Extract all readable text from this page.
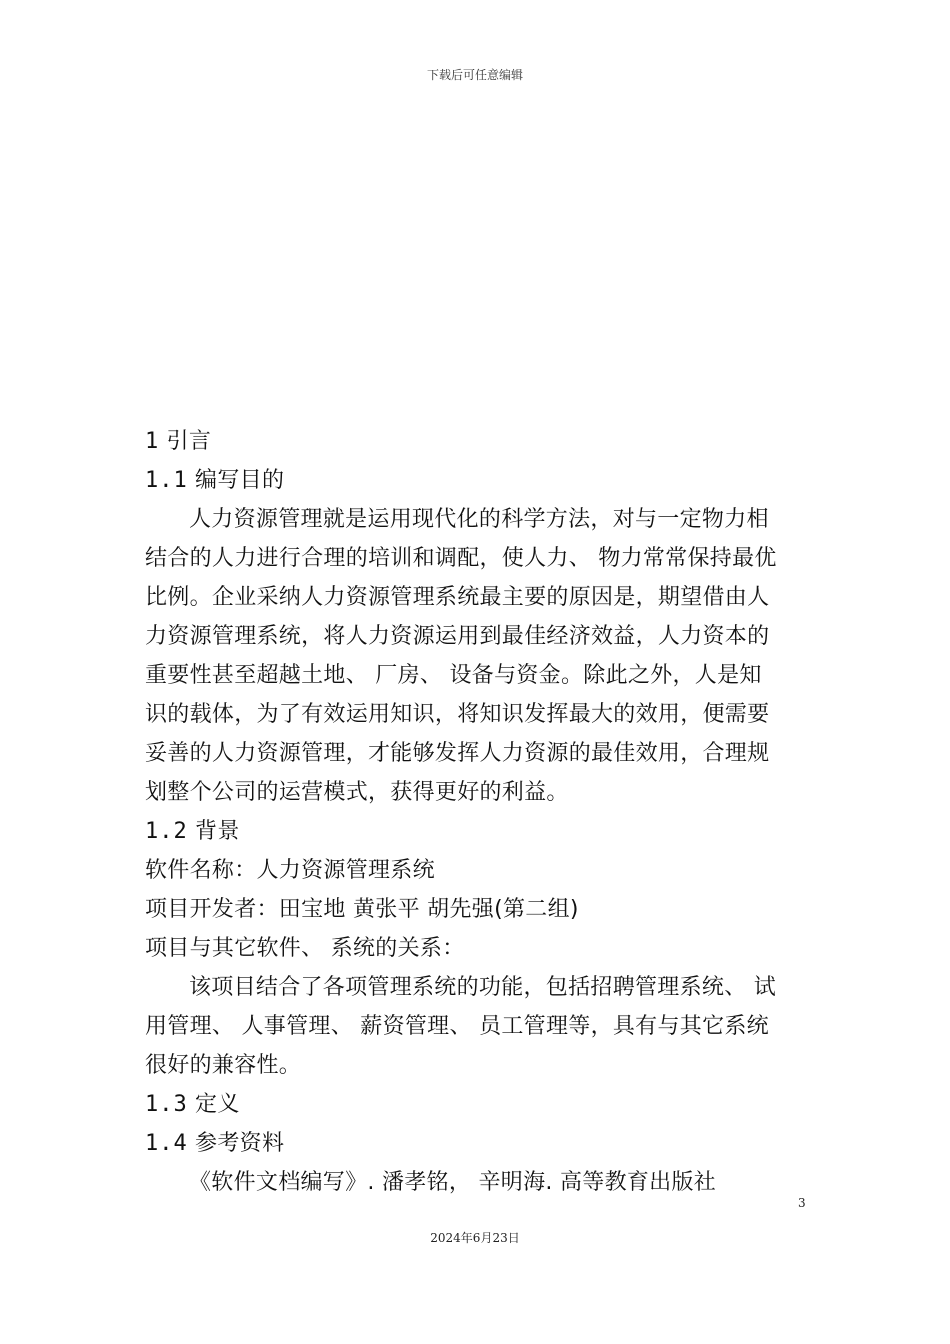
下载后可任意编辑
1 引言
1.1 编写目的
人力资源管理就是运用现代化的科学方法，对与一定物力相
结合的人力进行合理的培训和调配，使人力、 物力常常保持最优
比例。企业采纳人力资源管理系统最主要的原因是，期望借由人
力资源管理系统，将人力资源运用到最佳经济效益，人力资本的
重要性甚至超越土地、 厂房、 设备与资金。除此之外，人是知
识的载体，为了有效运用知识，将知识发挥最大的效用，便需要
妥善的人力资源管理，才能够发挥人力资源的最佳效用，合理规
划整个公司的运营模式，获得更好的利益。
1.2 背景
软件名称：人力资源管理系统
项目开发者：田宝地 黄张平 胡先强(第二组)
项目与其它软件、 系统的关系：
该项目结合了各项管理系统的功能，包括招聘管理系统、 试
用管理、 人事管理、 薪资管理、 员工管理等，具有与其它系统
很好的兼容性。
1.3 定义
1.4 参考资料
《软件文档编写》. 潘孝铭， 辛明海. 高等教育出版社
3
2024年6月23日
